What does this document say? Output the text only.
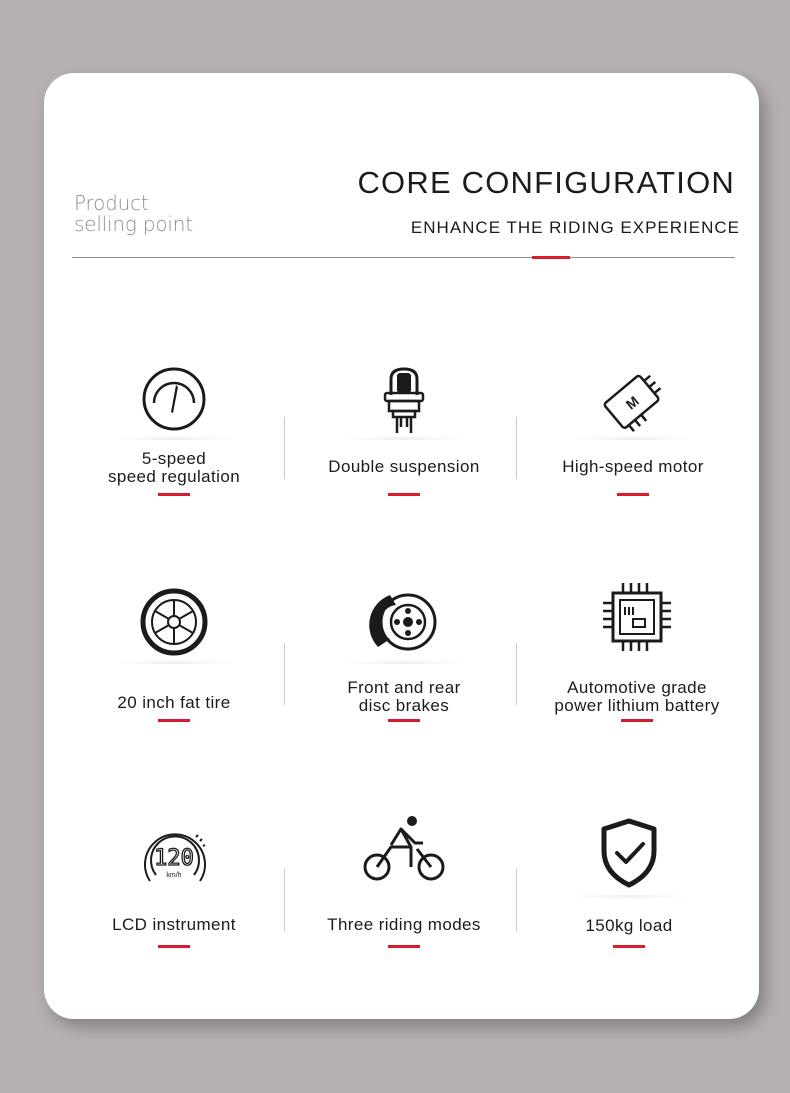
Product
selling point
CORE CONFIGURATION
ENHANCE THE RIDING EXPERIENCE
5-speed
speed regulation
Double suspension
M
High-speed motor
20 inch fat tire
Front and rear
disc brakes
Automotive grade
power lithium battery
120
km/h
LCD instrument	Three riding modes	150kg load
